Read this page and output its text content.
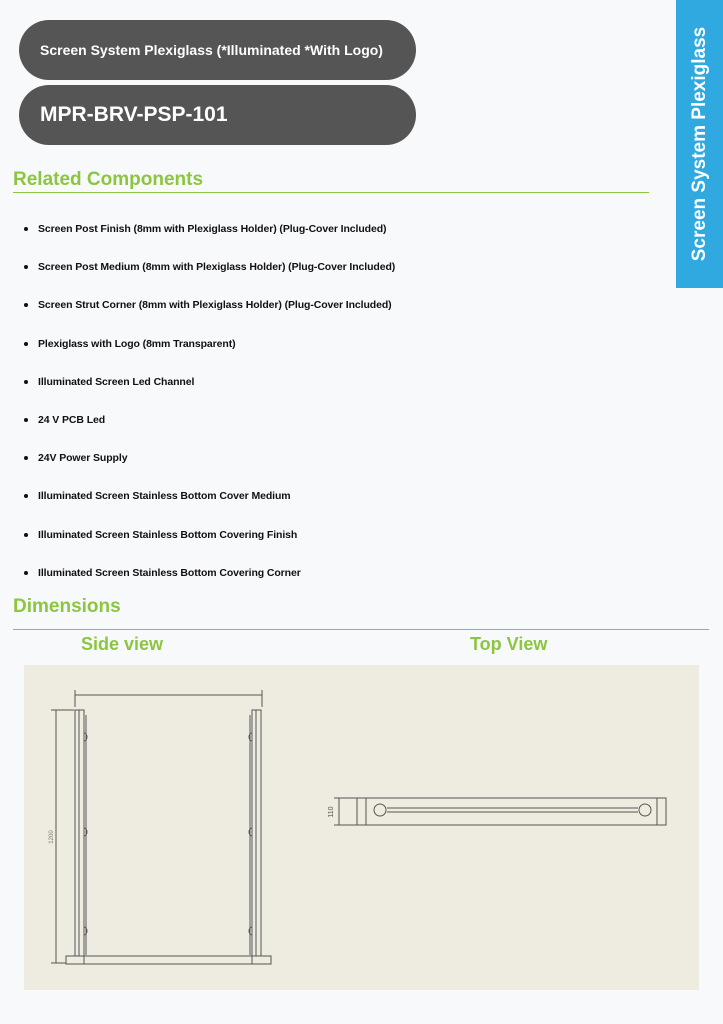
Screen System Plexiglass (*Illuminated *With Logo)
MPR-BRV-PSP-101	Screen System Plexiglass
Related Components
Screen Post Finish (8mm with Plexiglass Holder) (Plug-Cover Included)
Screen Post Medium (8mm with Plexiglass Holder) (Plug-Cover Included)
Screen Strut Corner (8mm with Plexiglass Holder) (Plug-Cover Included)
Plexiglass with Logo (8mm Transparent)
Illuminated Screen Led Channel
24 V PCB Led
24V Power Supply
Illuminated Screen Stainless Bottom Cover Medium
Illuminated Screen Stainless Bottom Covering Finish
Illuminated Screen Stainless Bottom Covering Corner
Dimensions
Side view	Top View
1200
110
